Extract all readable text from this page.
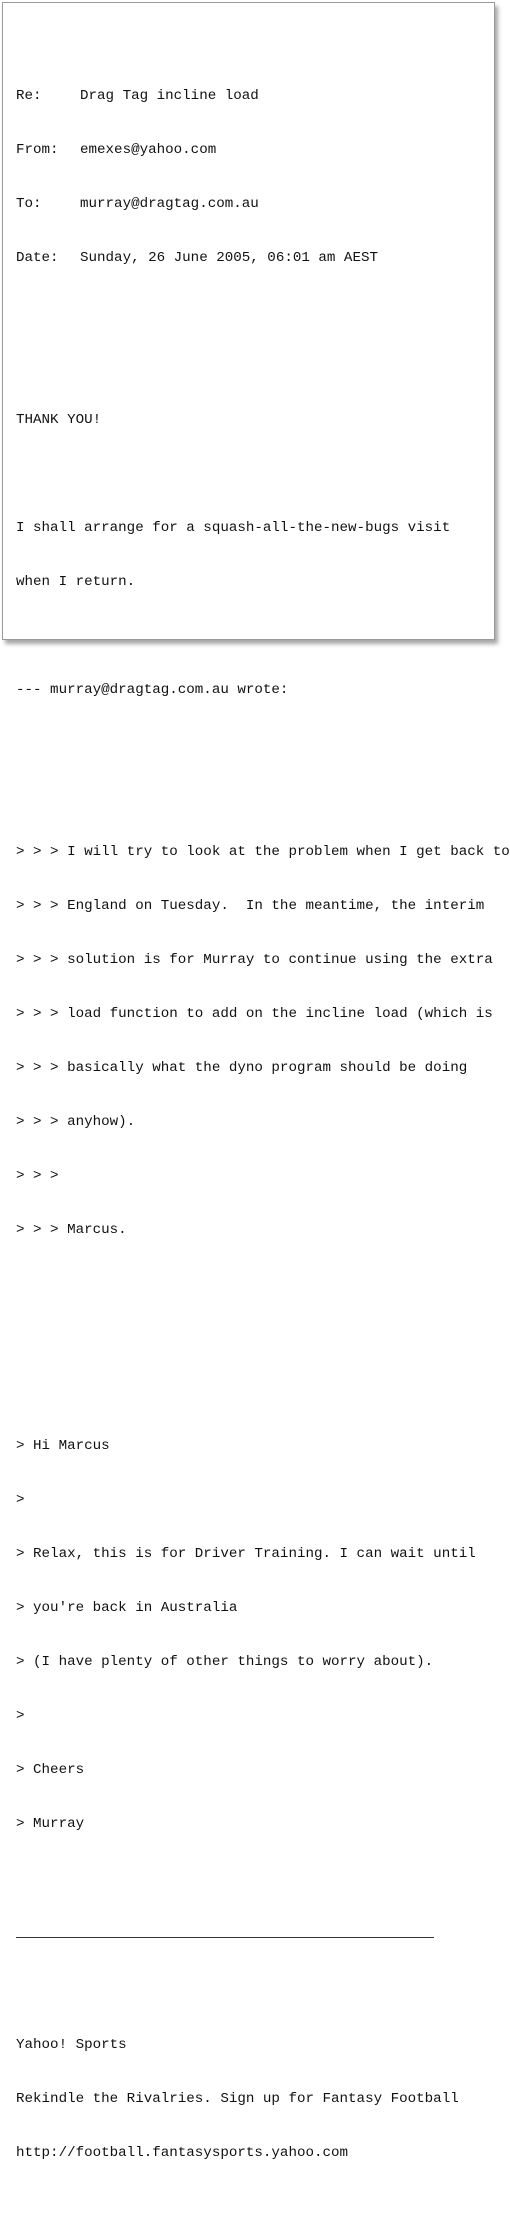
Re:	Drag Tag incline load

From: emexes@yahoo.com

To:	murray@dragtag.com.au

Date: Sunday, 26 June 2005, 06:01 am AEST

THANK YOU!

I shall arrange for a squash-all-the-new-bugs visit

when I return.

--- murray@dragtag.com.au wrote:

> > > I will try to look at the problem when I get back to

> > > England on Tuesday.  In the meantime, the interim

> > > solution is for Murray to continue using the extra

> > > load function to add on the incline load (which is

> > > basically what the dyno program should be doing

> > > anyhow).

> > >

> > > Marcus.

> Hi Marcus

>

> Relax, this is for Driver Training. I can wait until

> you're back in Australia

> (I have plenty of other things to worry about).

>

> Cheers

> Murray

Yahoo! Sports

Rekindle the Rivalries. Sign up for Fantasy Football

http://football.fantasysports.yahoo.com
